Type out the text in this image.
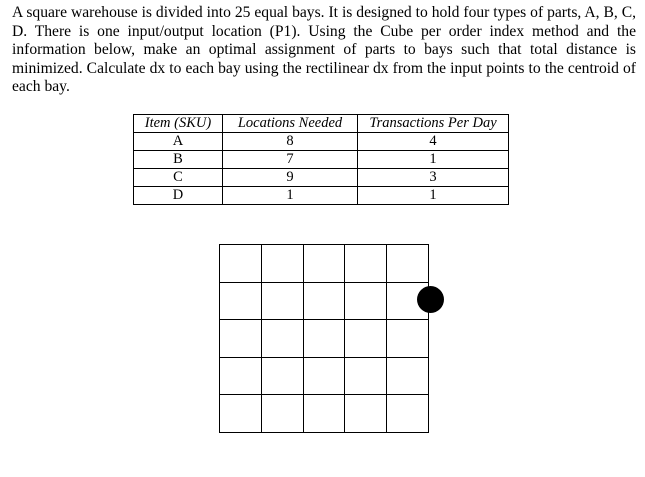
A square warehouse is divided into 25 equal bays. It is designed to hold four types of parts, A, B, C, D. There is one input/output location (P1). Using the Cube per order index method and the information below, make an optimal assignment of parts to bays such that total distance is minimized. Calculate dx to each bay using the rectilinear dx from the input points to the centroid of each bay.

Item (SKU)	Locations Needed	Transactions Per Day
A	8	4
B	7	1
C	9	3
D	1	1
